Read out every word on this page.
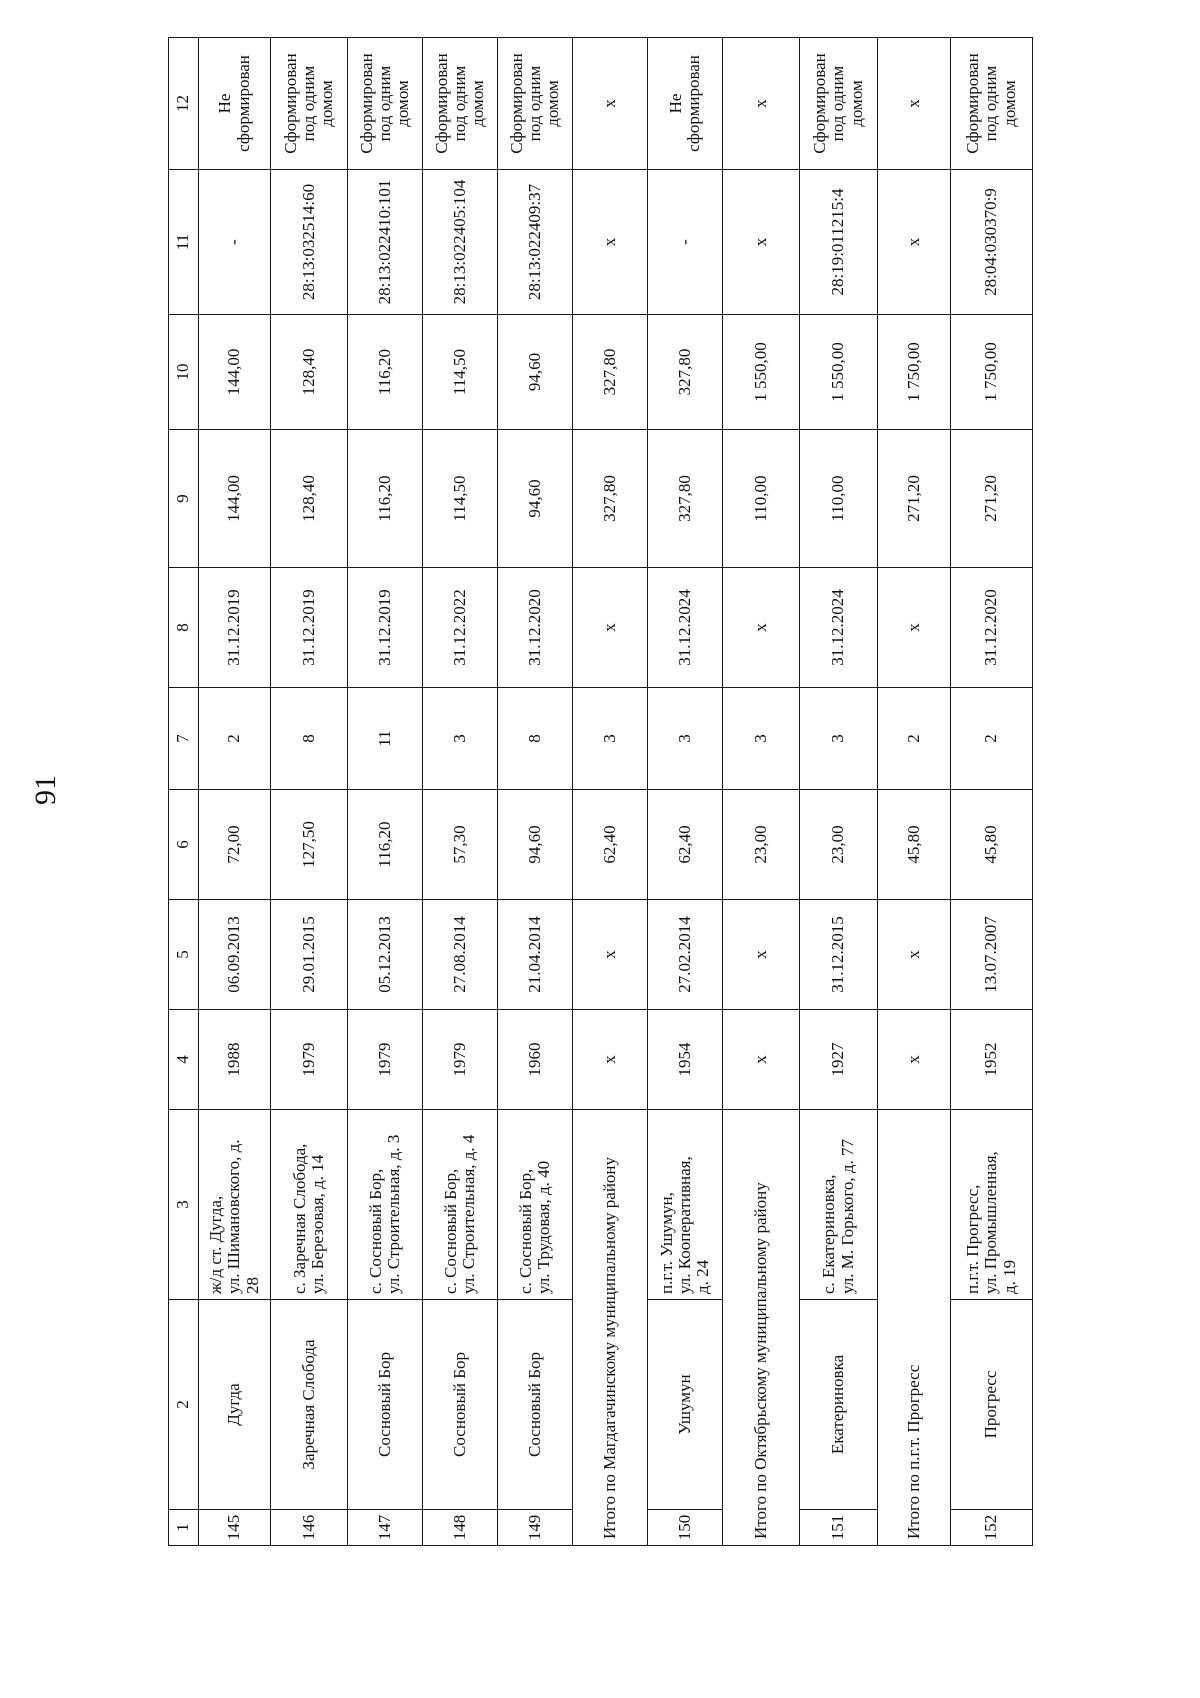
91
1	2	3	4	5	6	7	8	9	10	11	12
145	Дугда	ж/д ст. Дугда,
ул. Шимановского, д.
28	1988	06.09.2013	72,00	2	31.12.2019	144,00	144,00	-	Не
сформирован
146	Заречная Слобода	с. Заречная Слобода,
ул. Березовая, д. 14	1979	29.01.2015	127,50	8	31.12.2019	128,40	128,40	28:13:032514:60	Сформирован
под одним
домом
147	Сосновый Бор	с. Сосновый Бор,
ул. Строительная, д. 3	1979	05.12.2013	116,20	11	31.12.2019	116,20	116,20	28:13:022410:101	Сформирован
под одним
домом
148	Сосновый Бор	с. Сосновый Бор,
ул. Строительная, д. 4	1979	27.08.2014	57,30	3	31.12.2022	114,50	114,50	28:13:022405:104	Сформирован
под одним
домом
149	Сосновый Бор	с. Сосновый Бор,
ул. Трудовая, д. 40	1960	21.04.2014	94,60	8	31.12.2020	94,60	94,60	28:13:022409:37	Сформирован
под одним
домом
Итого по Магдагачинскому муниципальному району			х	х	62,40	3	х	327,80	327,80	х	х
150	Ушумун	п.г.т. Ушумун,
ул. Кооперативная,
д. 24	1954	27.02.2014	62,40	3	31.12.2024	327,80	327,80	-	Не
сформирован
Итого по Октябрьскому муниципальному району			х	х	23,00	3	х	110,00	1 550,00	х	х
151	Екатериновка	с. Екатериновка,
ул. М. Горького, д. 77	1927	31.12.2015	23,00	3	31.12.2024	110,00	1 550,00	28:19:011215:4	Сформирован
под одним
домом
Итого по п.г.т. Прогресс			х	х	45,80	2	х	271,20	1 750,00	х	х
152	Прогресс	п.г.т. Прогресс,
ул. Промышленная,
д. 19	1952	13.07.2007	45,80	2	31.12.2020	271,20	1 750,00	28:04:030370:9	Сформирован
под одним
домом
